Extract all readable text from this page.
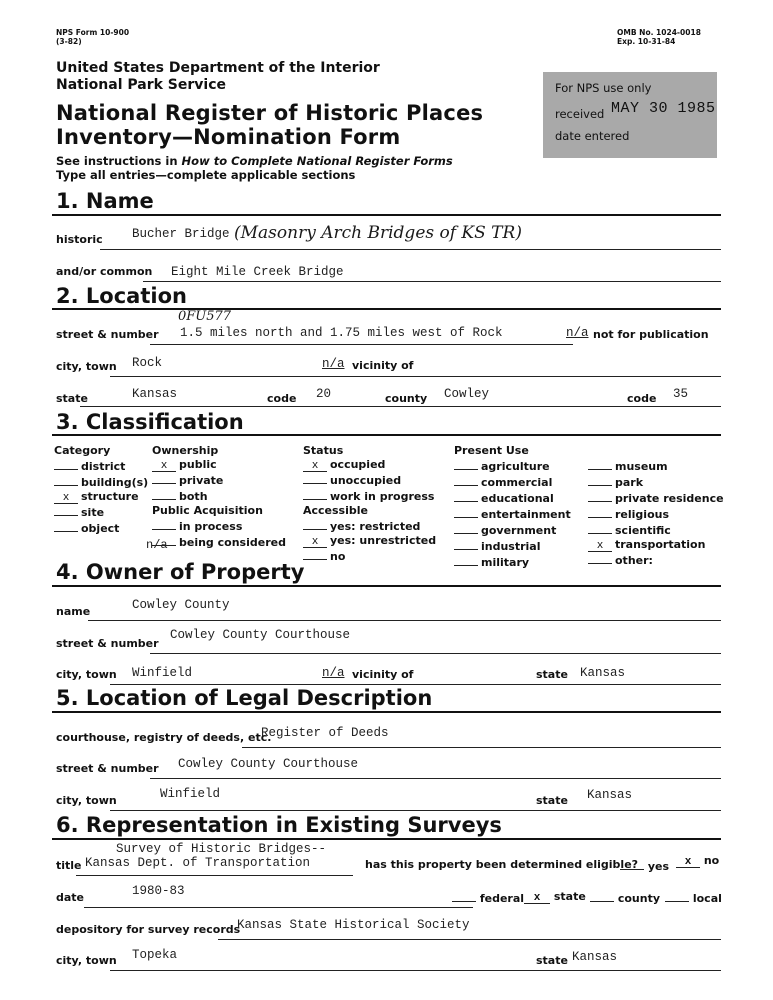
NPS Form 10-900
(3-82)
OMB No. 1024-0018
Exp. 10-31-84
United States Department of the Interior
National Park Service
National Register of Historic Places
Inventory—Nomination Form
See instructions in How to Complete National Register Forms
Type all entries—complete applicable sections
For NPS use only
received MAY 30 1985
date entered
1. Name
historic Bucher Bridge (Masonry Arch Bridges of KS TR)
and/or common Eight Mile Creek Bridge
2. Location
0FU577
street & number 1.5 miles north and 1.75 miles west of Rock	n/a not for publication
city, town Rock	n/a vicinity of
state	Kansas	code 20	county Cowley	code 35
3. Classification
Category
district
building(s)
x	structure
site
object
Ownership
x	public
private
both
Public Acquisition
in process
being considered
n/a
Status
x	occupied
unoccupied
work in progress
Accessible
yes: restricted
x	yes: unrestricted
no
Present Use
agriculture
commercial
educational
entertainment
government
industrial
military
museum
park
private residence
religious
scientific
x	transportation
other:
4. Owner of Property
name	Cowley County
street & number
Cowley County Courthouse
city, town Winfield	n/a vicinity of	state Kansas
5. Location of Legal Description
courthouse, registry of deeds, etc.
Register of Deeds
street & number Cowley County Courthouse
city, town	Winfield	state Kansas
6. Representation in Existing Surveys
Survey of Historic Bridges--
title Kansas Dept. of Transportation	has this property been determined eligible? yes	x no
date	1980-83
federal x state	county	local
depository for survey records
Kansas State Historical Society
city, town Topeka	state Kansas
